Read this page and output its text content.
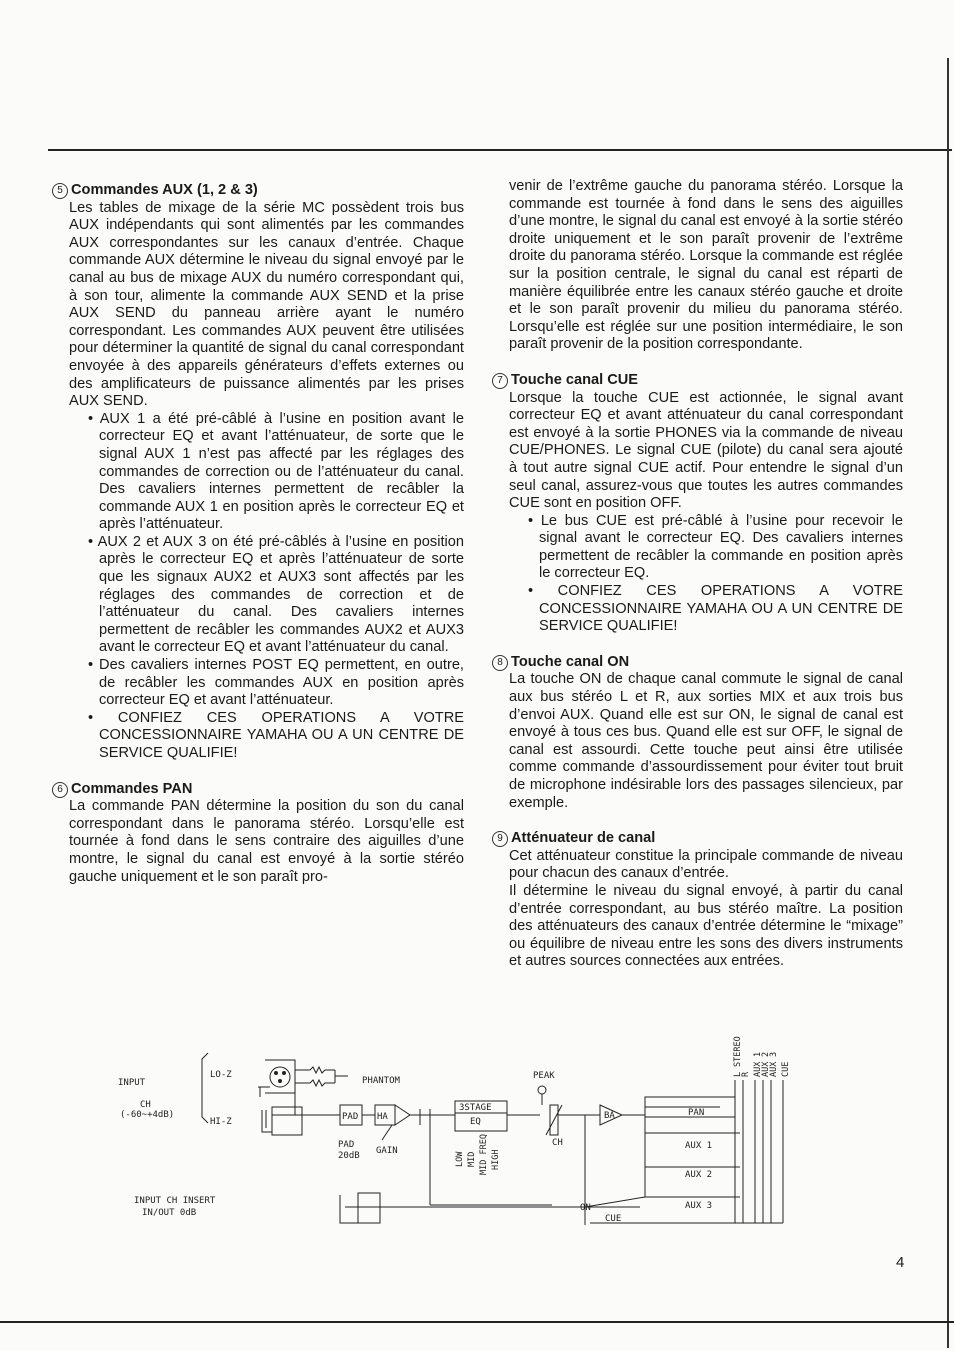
5 Commandes AUX (1, 2 & 3)

Les tables de mixage de la série MC possèdent trois bus AUX indépendants qui sont alimentés par les commandes AUX correspondantes sur les canaux d’entrée. Chaque commande AUX détermine le niveau du signal envoyé par le canal au bus de mixage AUX du numéro correspondant qui, à son tour, alimente la commande AUX SEND et la prise AUX SEND du panneau arrière ayant le numéro correspondant. Les commandes AUX peuvent être utilisées pour déterminer la quantité de signal du canal correspondant envoyée à des appareils générateurs d’effets externes ou des amplificateurs de puissance alimentés par les prises AUX SEND.

• AUX 1 a été pré-câblé à l’usine en position avant le correcteur EQ et avant l’atténuateur, de sorte que le signal AUX 1 n’est pas affecté par les réglages des commandes de correction ou de l’atténuateur du canal. Des cavaliers internes permettent de recâbler la commande AUX 1 en position après le correcteur EQ et après l’atténuateur.

• AUX 2 et AUX 3 on été pré-câblés à l’usine en position après le correcteur EQ et après l’atténuateur de sorte que les signaux AUX2 et AUX3 sont affectés par les réglages des commandes de correction et de l’atténuateur du canal. Des cavaliers internes permettent de recâbler les commandes AUX2 et AUX3 avant le correcteur EQ et avant l’atténuateur du canal.

• Des cavaliers internes POST EQ permettent, en outre, de recâbler les commandes AUX en position après correcteur EQ et avant l’atténuateur.

• CONFIEZ CES OPERATIONS A VOTRE CONCESSIONNAIRE YAMAHA OU A UN CENTRE DE SERVICE QUALIFIE!

6 Commandes PAN

La commande PAN détermine la position du son du canal correspondant dans le panorama stéréo. Lorsqu’elle est tournée à fond dans le sens contraire des aiguilles d’une montre, le signal du canal est envoyé à la sortie stéréo gauche uniquement et le son paraît pro-

venir de l’extrême gauche du panorama stéréo. Lorsque la commande est tournée à fond dans le sens des aiguilles d’une montre, le signal du canal est envoyé à la sortie stéréo droite uniquement et le son paraît provenir de l’extrême droite du panorama stéréo. Lorsque la commande est réglée sur la position centrale, le signal du canal est réparti de manière équilibrée entre les canaux stéréo gauche et droite et le son paraît provenir du milieu du panorama stéréo. Lorsqu’elle est réglée sur une position intermédiaire, le son paraît provenir de la position correspondante.

7 Touche canal CUE

Lorsque la touche CUE est actionnée, le signal avant correcteur EQ et avant atténuateur du canal correspondant est envoyé à la sortie PHONES via la commande de niveau CUE/PHONES. Le signal CUE (pilote) du canal sera ajouté à tout autre signal CUE actif. Pour entendre le signal d’un seul canal, assurez-vous que toutes les autres commandes CUE sont en position OFF.

• Le bus CUE est pré-câblé à l’usine pour recevoir le signal avant le correcteur EQ. Des cavaliers internes permettent de recâbler la commande en position après le correcteur EQ.

• CONFIEZ CES OPERATIONS A VOTRE CONCESSIONNAIRE YAMAHA OU A UN CENTRE DE SERVICE QUALIFIE!

8 Touche canal ON

La touche ON de chaque canal commute le signal de canal aux bus stéréo L et R, aux sorties MIX et aux trois bus d’envoi AUX. Quand elle est sur ON, le signal de canal est envoyé à tous ces bus. Quand elle est sur OFF, le signal de canal est assourdi. Cette touche peut ainsi être utilisée comme commande d’assourdissement pour éviter tout bruit de microphone indésirable lors des passages silencieux, par exemple.

9 Atténuateur de canal

Cet atténuateur constitue la principale commande de niveau pour chacun des canaux d’entrée.

Il détermine le niveau du signal envoyé, à partir du canal d’entrée correspondant, au bus stéréo maître. La position des atténuateurs des canaux d’entrée détermine le “mixage” ou équilibre de niveau entre les sons des divers instruments et autres sources connectées aux entrées.

INPUT
CH
(-60~+4dB)
LO-Z
HI-Z
PHANTOM
PAD HA
PAD
20dB GAIN
3STAGE
EQ
LOW MID MID FREQ HIGH
PEAK
CH
BA	PAN
AUX 1
AUX 2
AUX 3
ON
CUE
INPUT CH INSERT
IN/OUT 0dB
L
STEREO
R AUX
1
AUX
2
AUX
3
CUE
4
